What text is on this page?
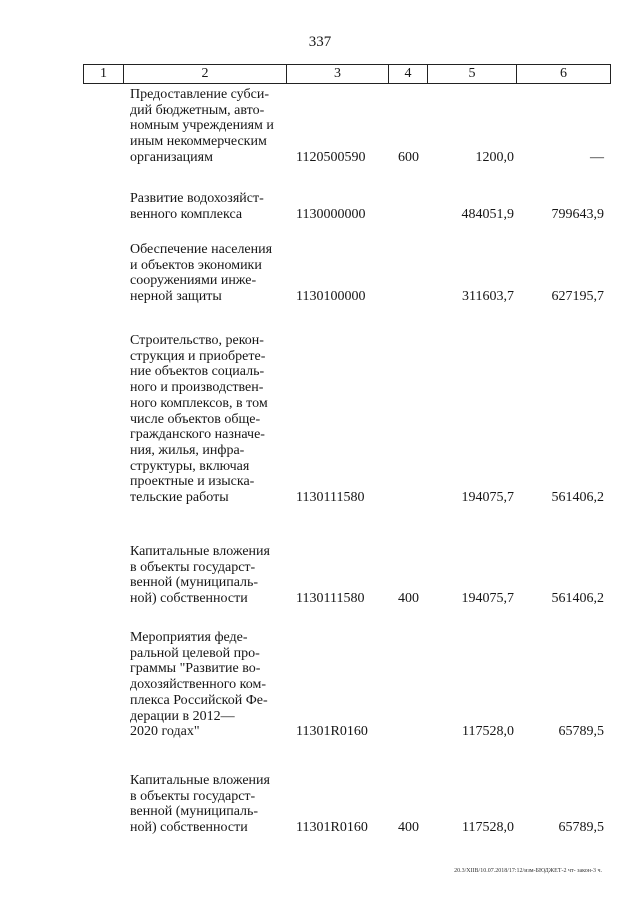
337
1	2	3	4	5	6
Предоставление субси-
дий бюджетным, авто-
номным учреждениям и
иным некоммерческим
организациям	1120500590 600	1200,0	—
Развитие водохозяйст-
венного комплекса	1130000000	484051,9	799643,9
Обеспечение населения
и объектов экономики
сооружениями инже-
нерной защиты	1130100000	311603,7	627195,7
Строительство, рекон-
струкция и приобрете-
ние объектов социаль-
ного и производствен-
ного комплексов, в том
числе объектов обще-
гражданского назначе-
ния, жилья, инфра-
структуры, включая
проектные и изыска-
тельские работы	1130111580	194075,7	561406,2
Капитальные вложения
в объекты государст-
венной (муниципаль-
ной) собственности	1130111580 400	194075,7	561406,2
Мероприятия феде-
ральной целевой про-
граммы "Развитие во-
дохозяйственного ком-
плекса Российской Фе-
дерации в 2012—
2020 годах"	11301R0160	117528,0	65789,5
Капитальные вложения
в объекты государст-
венной (муниципаль-
ной) собственности	11301R0160 400	117528,0	65789,5
20.3/XIIB/10.07.2018/17:12/изм-БЮДЖЕТ-2 чт- закон-3 ч.
